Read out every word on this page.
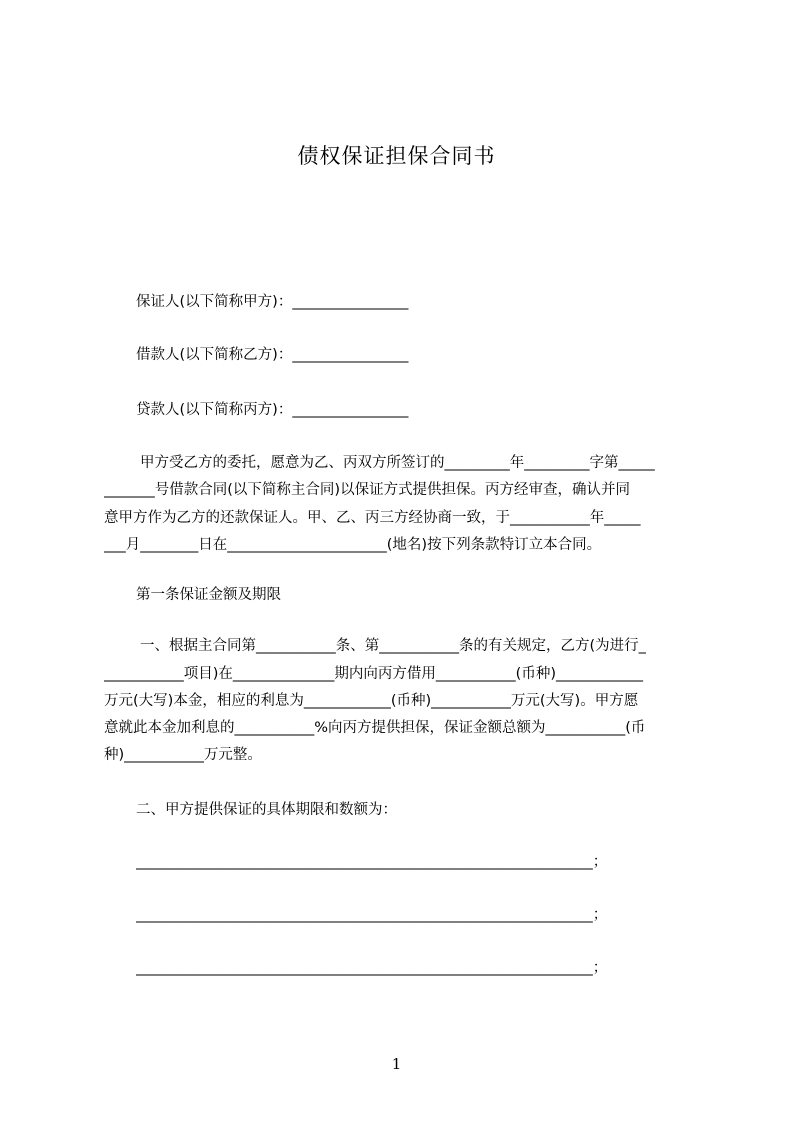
债权保证担保合同书
保证人(以下简称甲方)：________________
借款人(以下简称乙方)：________________
贷款人(以下简称丙方)：________________
甲方受乙方的委托，愿意为乙、丙双方所签订的_________年_________字第_____
_______号借款合同(以下简称主合同)以保证方式提供担保。丙方经审查，确认并同
意甲方作为乙方的还款保证人。甲、乙、丙三方经协商一致，于___________年_____
___月________日在______________________(地名)按下列条款特订立本合同。
第一条保证金额及期限
一、根据主合同第___________条、第___________条的有关规定，乙方(为进行_
___________项目)在______________期内向丙方借用___________(币种)____________
万元(大写)本金，相应的利息为____________(币种)___________万元(大写)。甲方愿
意就此本金加利息的___________%向丙方提供担保，保证金额总额为___________(币
种)___________万元整。
二、甲方提供保证的具体期限和数额为：
_______________________________________________________________；
_______________________________________________________________；
_______________________________________________________________；
1
